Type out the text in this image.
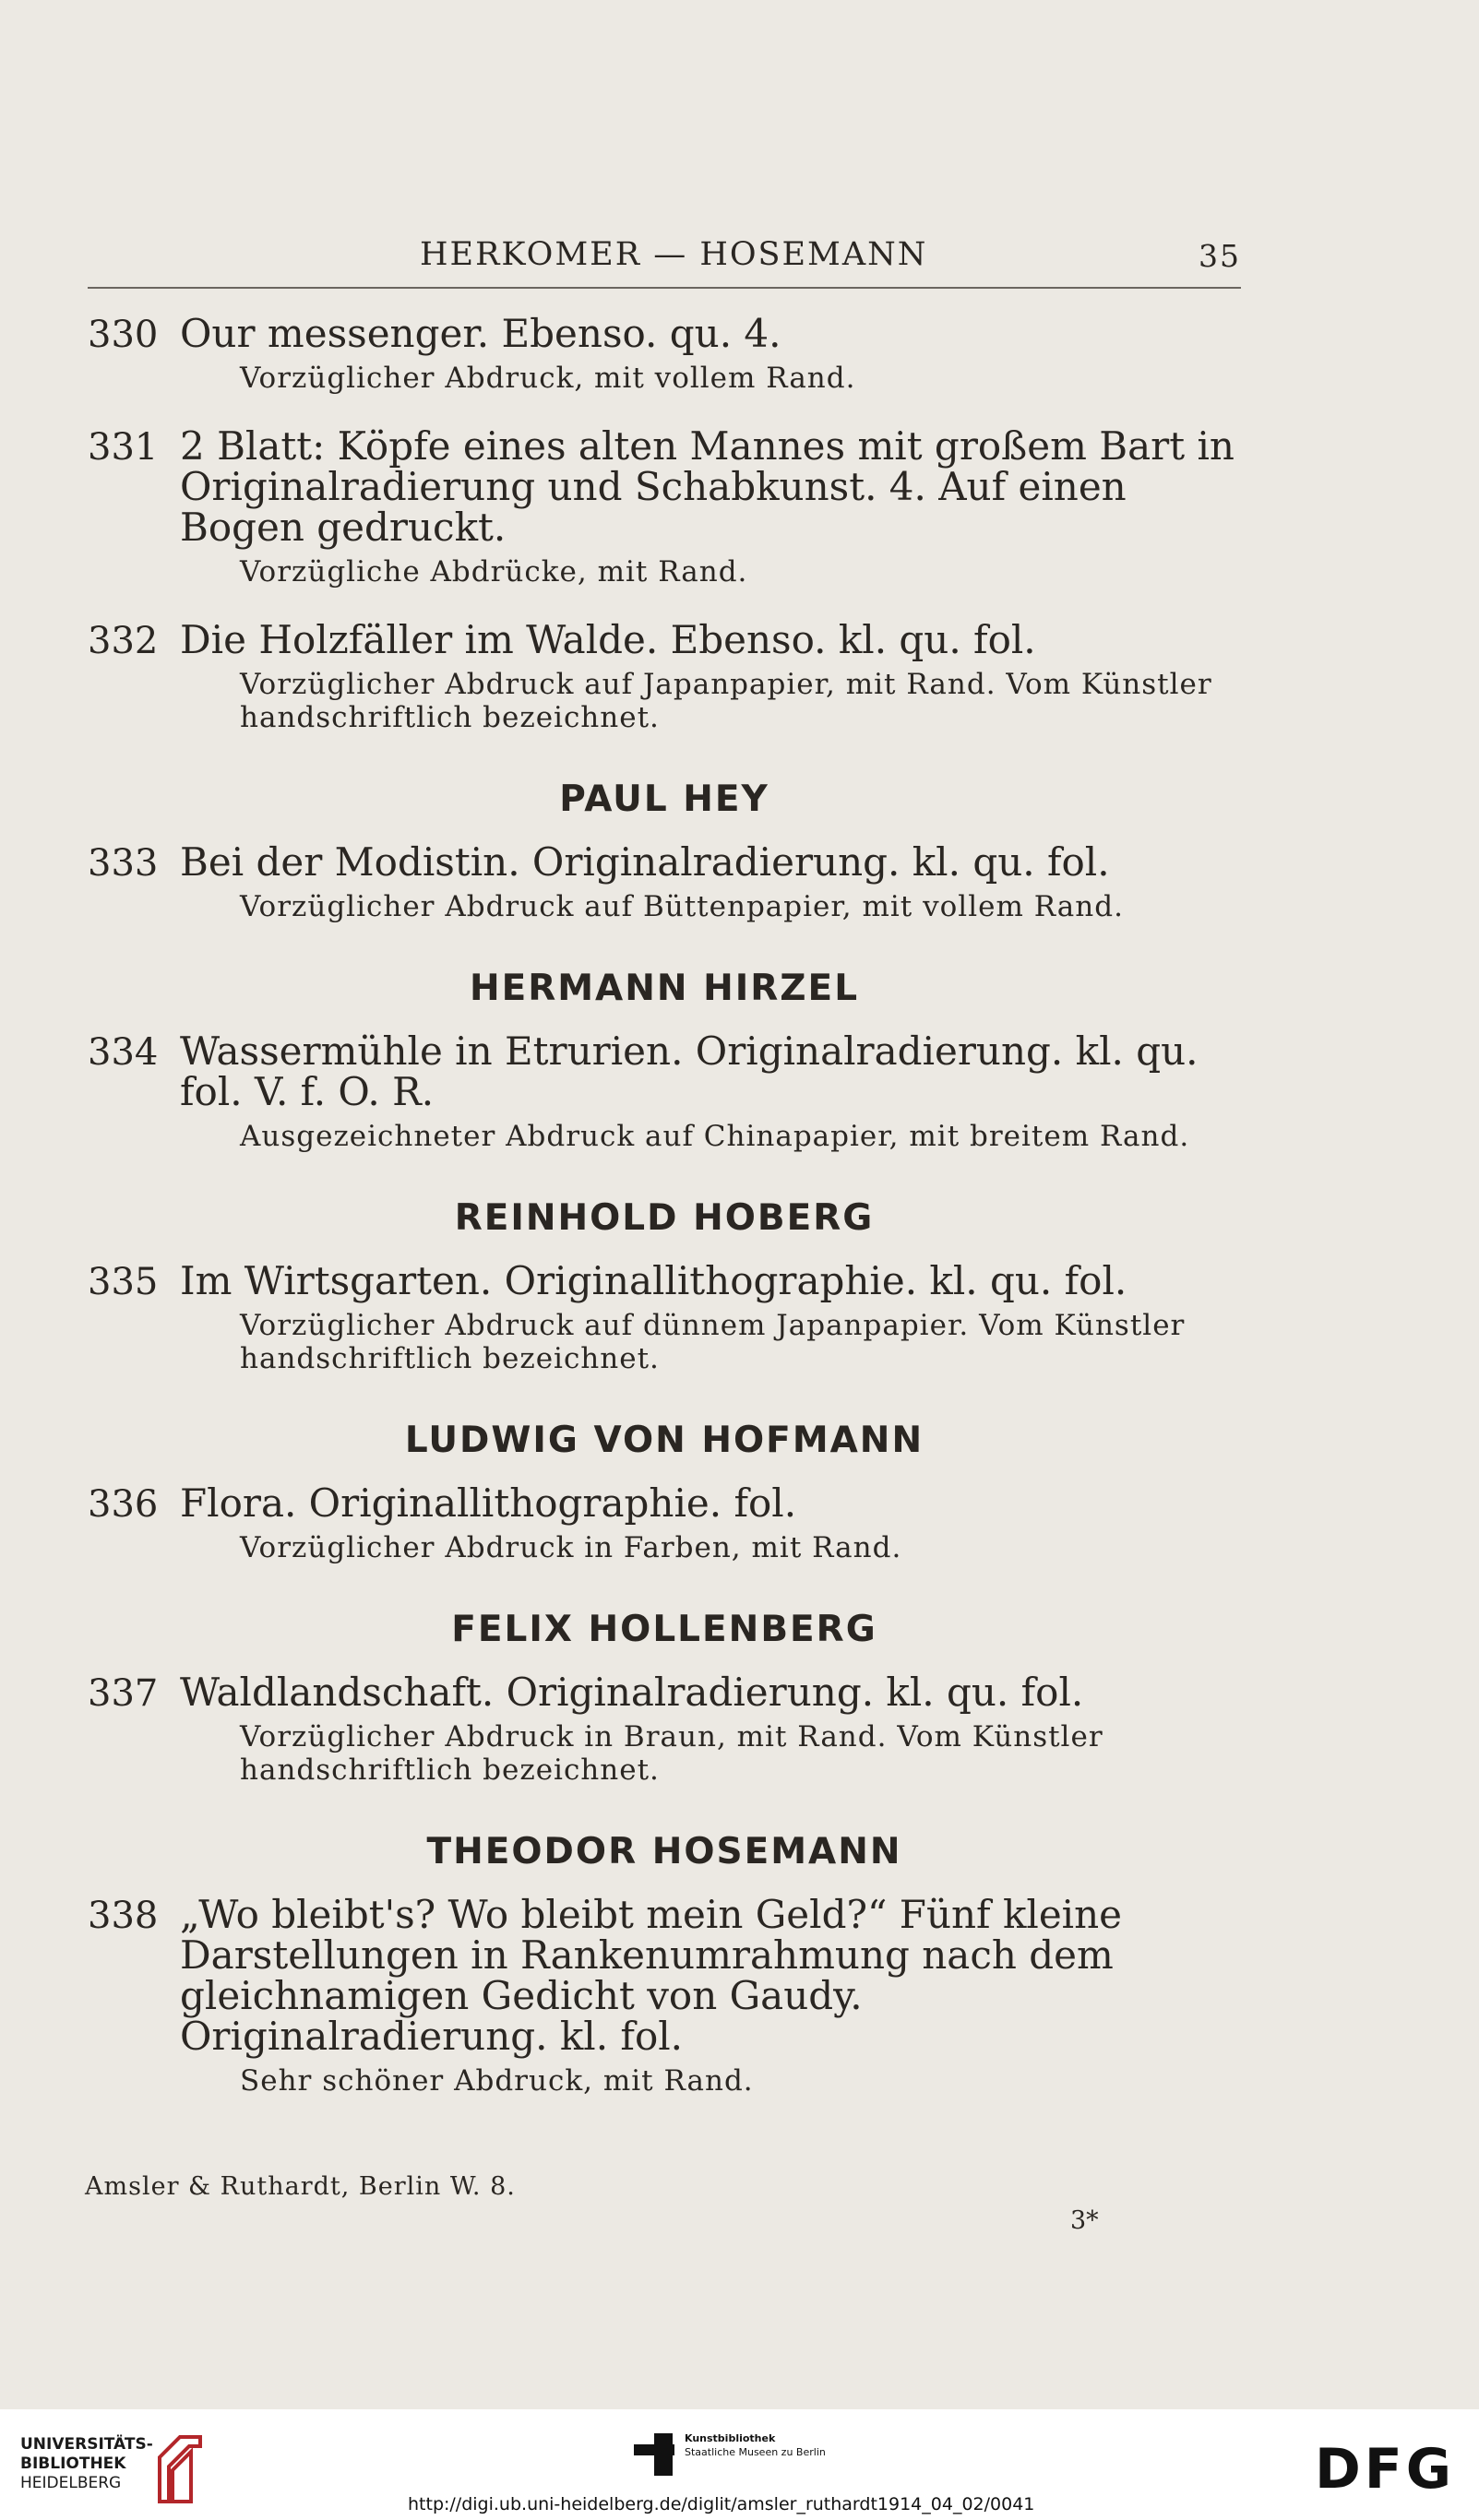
HERKOMER — HOSEMANN	35
330 Our messenger. Ebenso. qu. 4.
Vorzüglicher Abdruck, mit vollem Rand.
331 2 Blatt: Köpfe eines alten Mannes mit großem Bart in Originalradierung und Schabkunst. 4. Auf einen Bogen gedruckt.
Vorzügliche Abdrücke, mit Rand.
332 Die Holzfäller im Walde. Ebenso. kl. qu. fol.
Vorzüglicher Abdruck auf Japanpapier, mit Rand. Vom Künstler handschriftlich bezeichnet.
PAUL HEY
333 Bei der Modistin. Originalradierung. kl. qu. fol.
Vorzüglicher Abdruck auf Büttenpapier, mit vollem Rand.
HERMANN HIRZEL
334 Wassermühle in Etrurien. Originalradierung. kl. qu. fol. V. f. O. R.
Ausgezeichneter Abdruck auf Chinapapier, mit breitem Rand.
REINHOLD HOBERG
335 Im Wirtsgarten. Originallithographie. kl. qu. fol.
Vorzüglicher Abdruck auf dünnem Japanpapier. Vom Künstler handschriftlich bezeichnet.
LUDWIG VON HOFMANN
336 Flora. Originallithographie. fol.
Vorzüglicher Abdruck in Farben, mit Rand.
FELIX HOLLENBERG
337 Waldlandschaft. Originalradierung. kl. qu. fol.
Vorzüglicher Abdruck in Braun, mit Rand. Vom Künstler handschriftlich bezeichnet.
THEODOR HOSEMANN
338 „Wo bleibt's? Wo bleibt mein Geld?“ Fünf kleine Darstellungen in Rankenumrahmung nach dem gleichnamigen Gedicht von Gaudy. Originalradierung. kl. fol.
Sehr schöner Abdruck, mit Rand.
Amsler & Ruthardt, Berlin W. 8.
3*
UNIVERSITÄTS-
BIBLIOTHEK
HEIDELBERG
Kunstbibliothek
Staatliche Museen zu Berlin	DFG
http://digi.ub.uni-heidelberg.de/diglit/amsler_ruthardt1914_04_02/0041
